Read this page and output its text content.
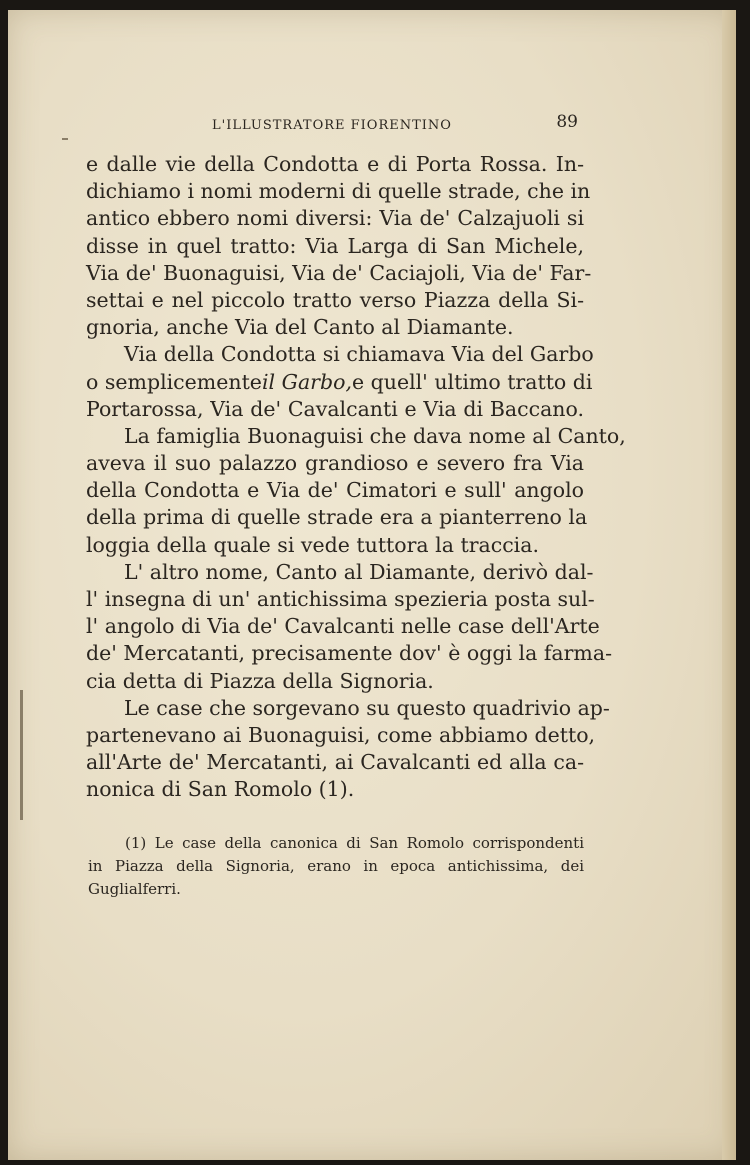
L'ILLUSTRATORE FIORENTINO	89
e dalle vie della Condotta e di Porta Rossa. In-
dichiamo i nomi moderni di quelle strade, che in
antico ebbero nomi diversi: Via de' Calzajuoli si
disse in quel tratto: Via Larga di San Michele,
Via de' Buonaguisi, Via de' Caciajoli, Via de' Far-
settai e nel piccolo tratto verso Piazza della Si-
gnoria, anche Via del Canto al Diamante.
Via della Condotta si chiamava Via del Garbo
o semplicemente il Garbo, e quell' ultimo tratto di
Portarossa, Via de' Cavalcanti e Via di Baccano.
La famiglia Buonaguisi che dava nome al Canto,
aveva il suo palazzo grandioso e severo fra Via
della Condotta e Via de' Cimatori e sull' angolo
della prima di quelle strade era a pianterreno la
loggia della quale si vede tuttora la traccia.
L' altro nome, Canto al Diamante, derivò dal-
l' insegna di un' antichissima spezieria posta sul-
l' angolo di Via de' Cavalcanti nelle case dell'Arte
de' Mercatanti, precisamente dov' è oggi la farma-
cia detta di Piazza della Signoria.
Le case che sorgevano su questo quadrivio ap-
partenevano ai Buonaguisi, come abbiamo detto,
all'Arte de' Mercatanti, ai Cavalcanti ed alla ca-
nonica di San Romolo (1).
(1) Le case della canonica di San Romolo corrispondenti
in Piazza della Signoria, erano in epoca antichissima, dei
Guglialferri.
